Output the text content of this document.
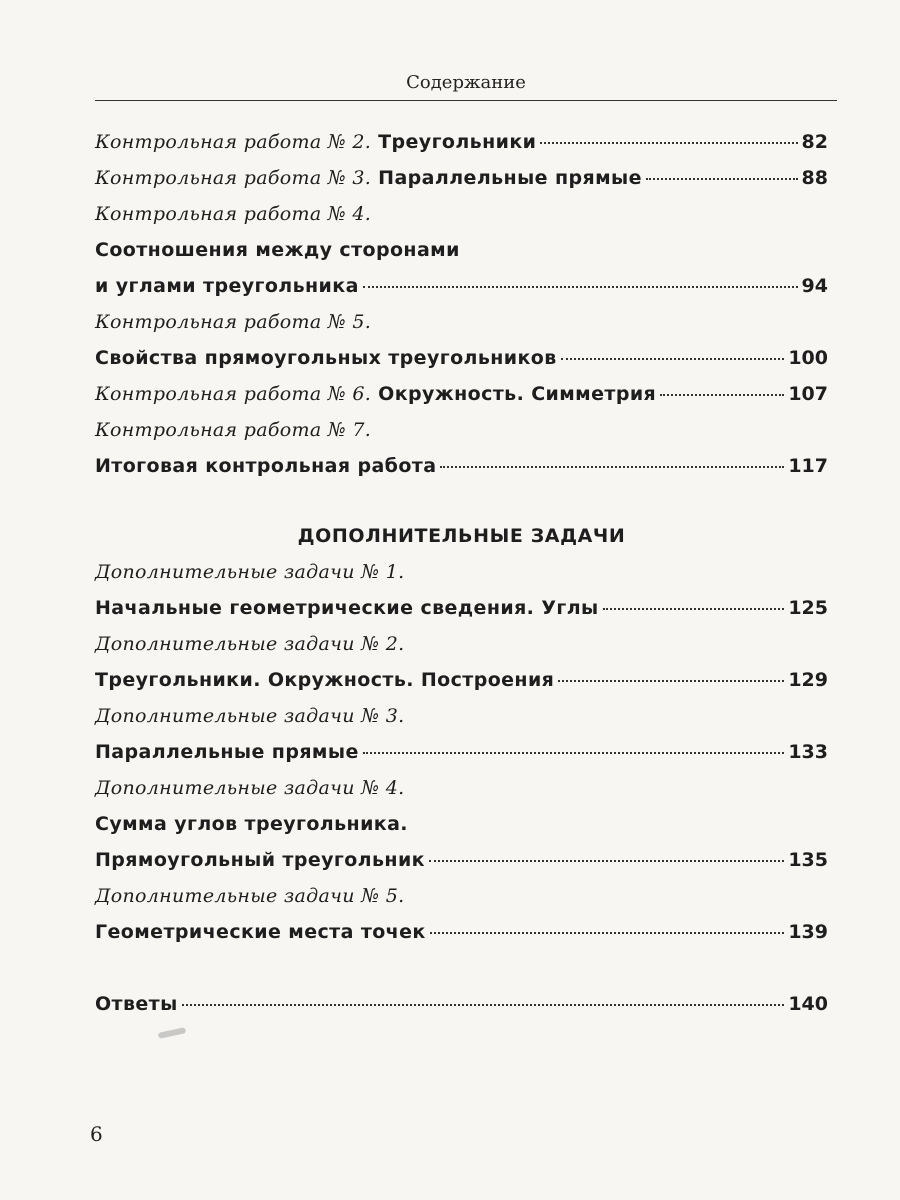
Содержание
Контрольная работа № 2. Треугольники	82
Контрольная работа № 3. Параллельные прямые	88
Контрольная работа № 4.
Соотношения между сторонами
и углами треугольника	94
Контрольная работа № 5.
Свойства прямоугольных треугольников	100
Контрольная работа № 6. Окружность. Симметрия	107
Контрольная работа № 7.
Итоговая контрольная работа	117
ДОПОЛНИТЕЛЬНЫЕ ЗАДАЧИ
Дополнительные задачи № 1.
Начальные геометрические сведения. Углы	125
Дополнительные задачи № 2.
Треугольники. Окружность. Построения	129
Дополнительные задачи № 3.
Параллельные прямые	133
Дополнительные задачи № 4.
Сумма углов треугольника.
Прямоугольный треугольник	135
Дополнительные задачи № 5.
Геометрические места точек	139
Ответы	140
6
